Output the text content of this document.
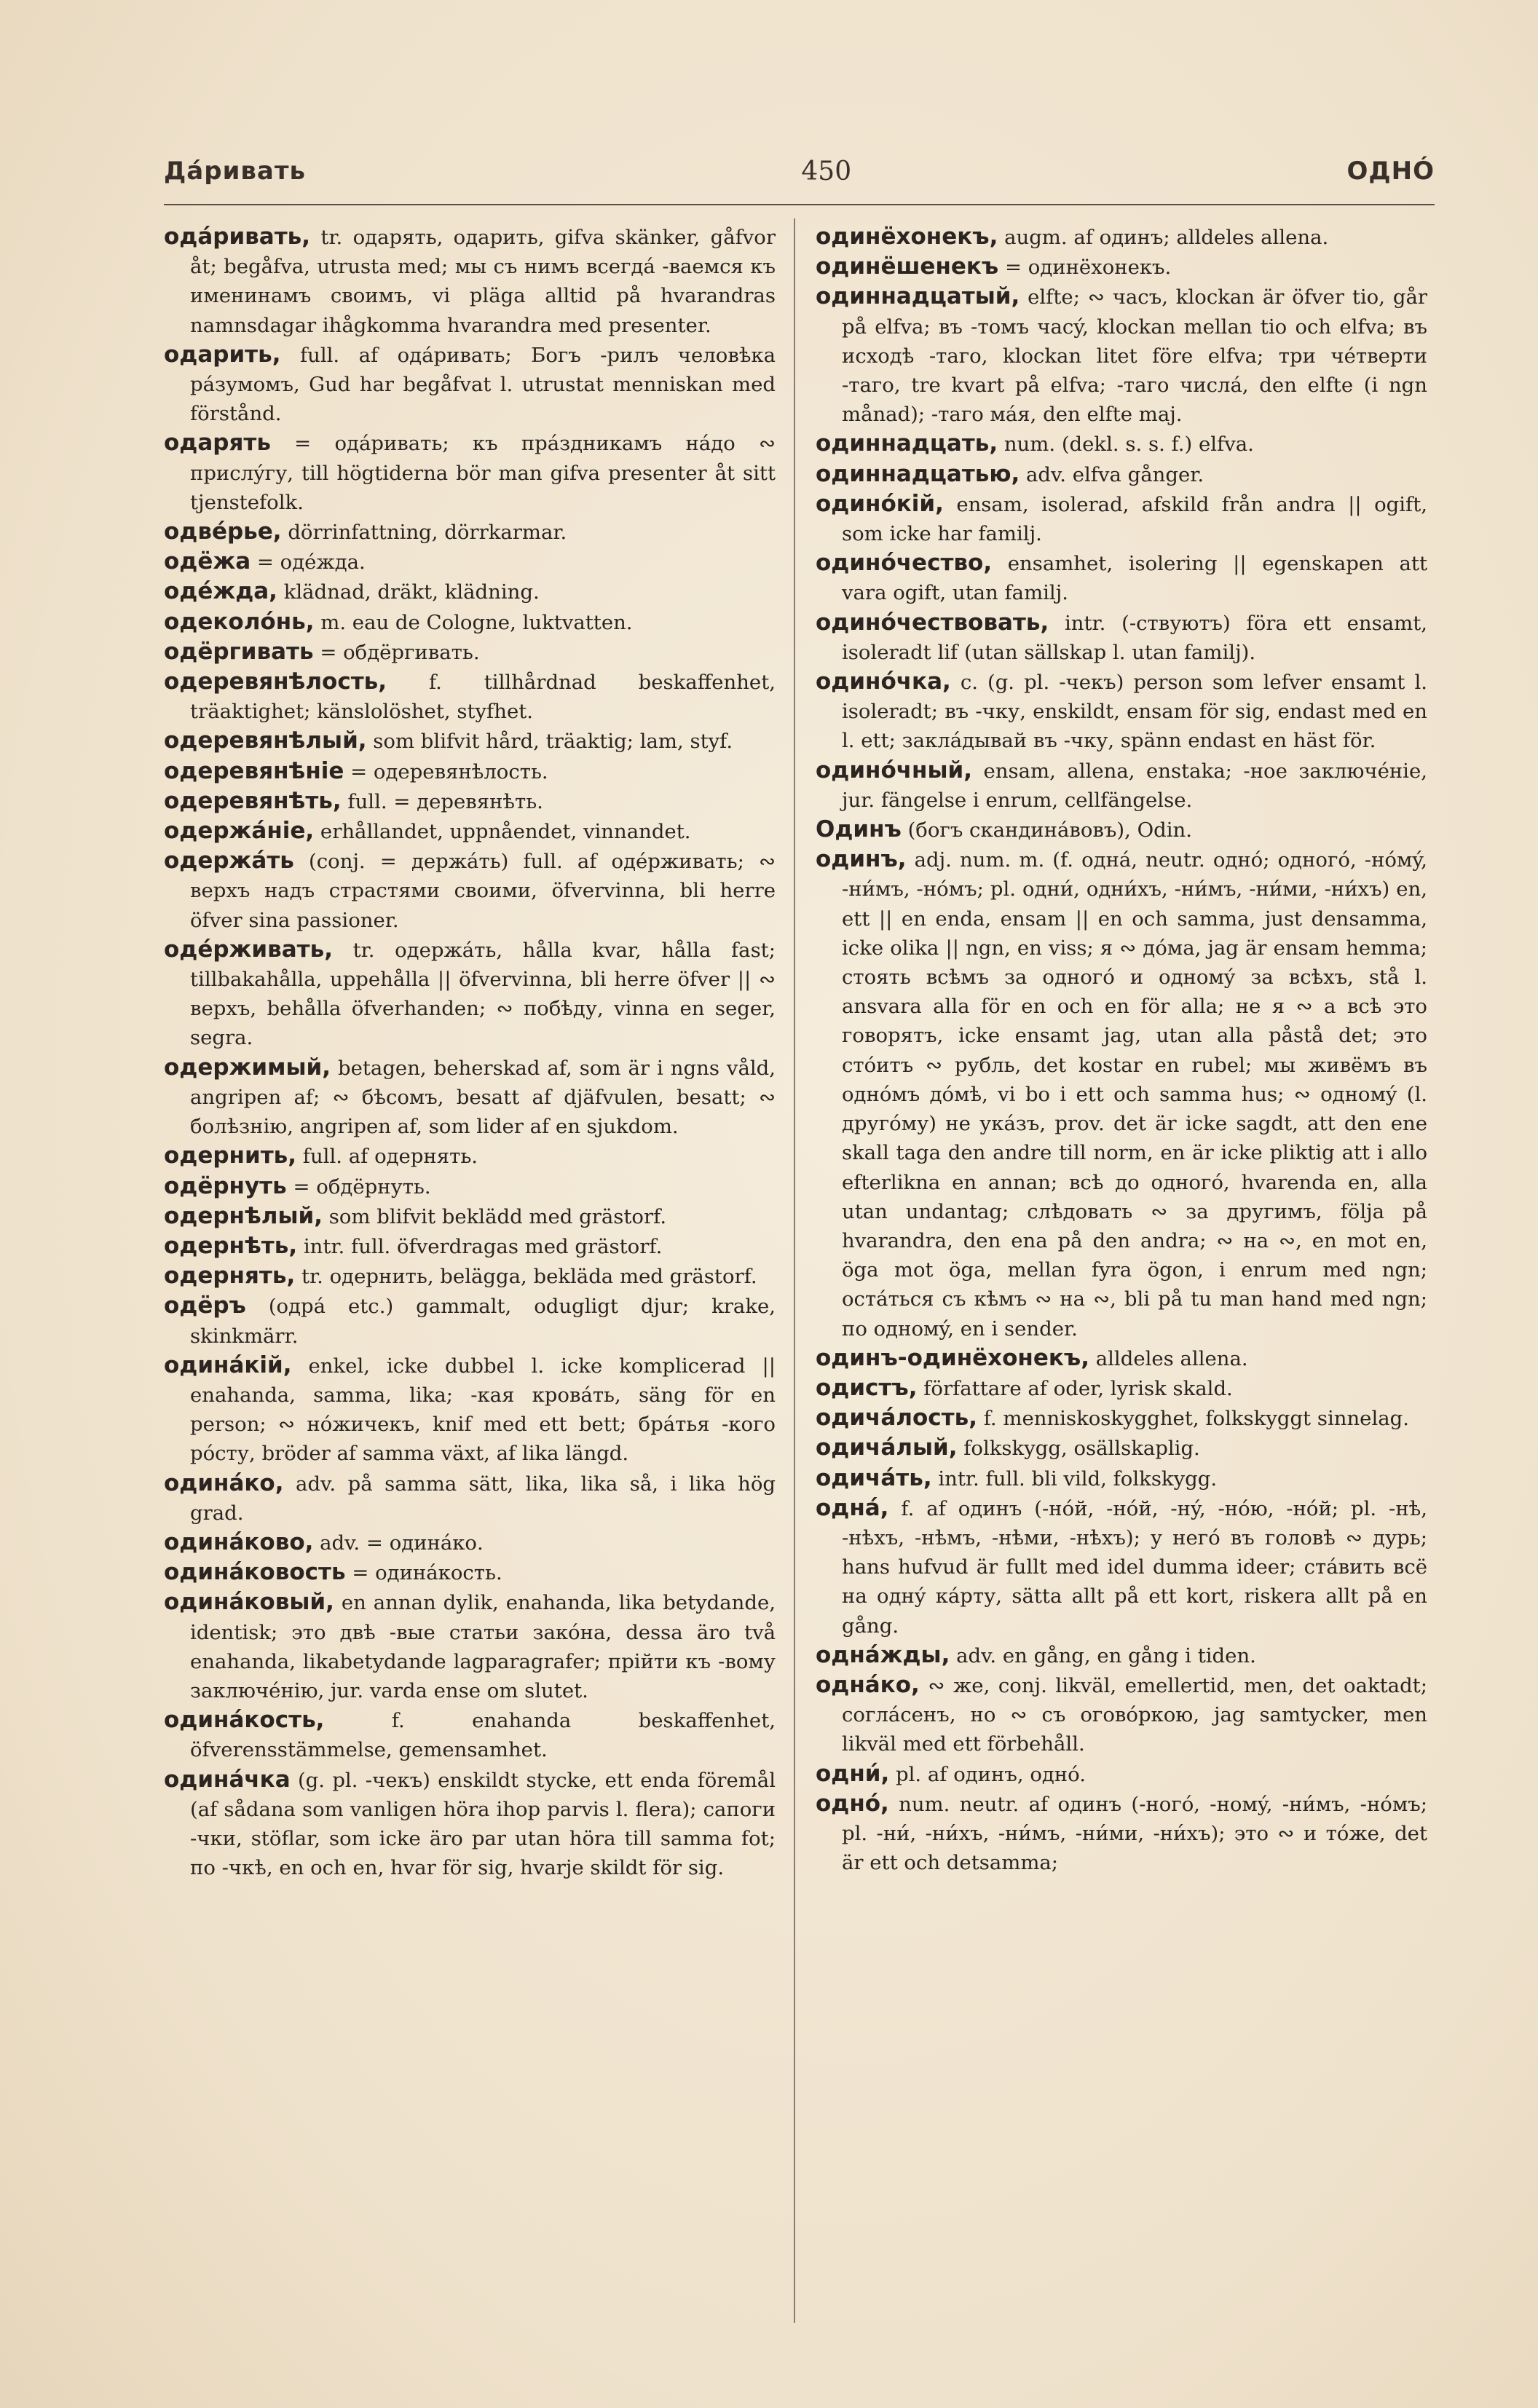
Дáривать	450	ОДНÓ

одáривать, tr. одарять, одарить, gifva skänker, gåfvor åt; begåfva, utrusta med; мы съ нимъ всегдá -ваемся къ именинамъ своимъ, vi pläga alltid på hvarandras namnsdagar ihågkomma hvarandra med presenter.

одарить, full. af одáривать; Богъ -рилъ человѣка рáзумомъ, Gud har begåfvat l. utrustat menniskan med förstånd.

одарять = одáривать; къ прáздникамъ нáдо ∾ прислýгу, till högtiderna bör man gifva presenter åt sitt tjenstefolk.

одвéрье, dörrinfattning, dörrkarmar.

одёжа = одéжда.

одéжда, klädnad, dräkt, klädning.

одеколóнь, m. eau de Cologne, luktvatten.

одёргивать = обдёргивать.

одеревянѣлость, f. tillhårdnad beskaffenhet, träaktighet; känslolöshet, styfhet.

одеревянѣлый, som blifvit hård, träaktig; lam, styf.

одеревянѣніе = одеревянѣлость.

одеревянѣть, full. = деревянѣть.

одержáніе, erhållandet, uppnåendet, vinnandet.

одержáть (conj. = держáть) full. af одéрживать; ∾ верхъ надъ страстями своими, öfvervinna, bli herre öfver sina passioner.

одéрживать, tr. одержáть, hålla kvar, hålla fast; tillbakahålla, uppehålla || öfvervinna, bli herre öfver || ∾ верхъ, behålla öfverhanden; ∾ побѣду, vinna en seger, segra.

одержимый, betagen, beherskad af, som är i ngns våld, angripen af; ∾ бѣсомъ, besatt af djäfvulen, besatt; ∾ болѣзнію, angripen af, som lider af en sjukdom.

одернить, full. af одернять.

одёрнуть = обдёрнуть.

одернѣлый, som blifvit beklädd med grästorf.

одернѣть, intr. full. öfverdragas med grästorf.

одернять, tr. одернить, belägga, bekläda med grästorf.

одёръ (одрá etc.) gammalt, odugligt djur; krake, skinkmärr.

одинáкій, enkel, icke dubbel l. icke komplicerad || enahanda, samma, lika; -кая кровáть, säng för en person; ∾ нóжичекъ, knif med ett bett; брáтья -кого рóсту, bröder af samma växt, af lika längd.

одинáко, adv. på samma sätt, lika, lika så, i lika hög grad.

одинáково, adv. = одинáко.

одинáковость = одинáкость.

одинáковый, en annan dylik, enahanda, lika betydande, identisk; это двѣ -вые статьи закóна, dessa äro två enahanda, likabetydande lagparagrafer; прійти къ -вому заключéнію, jur. varda ense om slutet.

одинáкость, f. enahanda beskaffenhet, öfverensstämmelse, gemensamhet.

одинáчка (g. pl. -чекъ) enskildt stycke, ett enda föremål (af sådana som vanligen höra ihop parvis l. flera); сапоги -чки, stöflar, som icke äro par utan höra till samma fot; по -чкѣ, en och en, hvar för sig, hvarje skildt för sig.

одинёхонекъ, augm. af одинъ; alldeles allena.

одинёшенекъ = одинёхонекъ.

одиннадцатый, elfte; ∾ часъ, klockan är öfver tio, går på elfva; въ -томъ часý, klockan mellan tio och elfva; въ исходѣ -таго, klockan litet före elfva; три чéтверти -таго, tre kvart på elfva; -таго числá, den elfte (i ngn månad); -таго мáя, den elfte maj.

одиннадцать, num. (dekl. s. s. f.) elfva.

одиннадцатью, adv. elfva gånger.

одинóкій, ensam, isolerad, afskild från andra || ogift, som icke har familj.

одинóчество, ensamhet, isolering || egenskapen att vara ogift, utan familj.

одинóчествовать, intr. (-ствуютъ) föra ett ensamt, isoleradt lif (utan sällskap l. utan familj).

одинóчка, c. (g. pl. -чекъ) person som lefver ensamt l. isoleradt; въ -чку, enskildt, ensam för sig, endast med en l. ett; заклáдывай въ -чку, spänn endast en häst för.

одинóчный, ensam, allena, enstaka; -ное заключéніе, jur. fängelse i enrum, cellfängelse.

Одинъ (богъ скандинáвовъ), Odin.

одинъ, adj. num. m. (f. однá, neutr. однó; одногó, -нóмý, -ни́мъ, -нóмъ; pl. одни́, одни́хъ, -ни́мъ, -ни́ми, -ни́хъ) en, ett || en enda, ensam || en och samma, just densamma, icke olika || ngn, en viss; я ∾ дóма, jag är ensam hemma; стоять всѣмъ за одногó и одномý за всѣхъ, stå l. ansvara alla för en och en för alla; не я ∾ а всѣ это говорятъ, icke ensamt jag, utan alla påstå det; это стóитъ ∾ рубль, det kostar en rubel; мы живёмъ въ однóмъ дóмѣ, vi bo i ett och samma hus; ∾ одномý (l. другóму) не укáзъ, prov. det är icke sagdt, att den ene skall taga den andre till norm, en är icke pliktig att i allo efterlikna en annan; всѣ до одногó, hvarenda en, alla utan undantag; слѣдовать ∾ за другимъ, följa på hvarandra, den ena på den andra; ∾ на ∾, en mot en, öga mot öga, mellan fyra ögon, i enrum med ngn; остáться съ кѣмъ ∾ на ∾, bli på tu man hand med ngn; по одномý, en i sender.

одинъ-одинёхонекъ, alldeles allena.

одистъ, författare af oder, lyrisk skald.

одичáлость, f. menniskoskygghet, folkskyggt sinnelag.

одичáлый, folkskygg, osällskaplig.

одичáть, intr. full. bli vild, folkskygg.

однá, f. af одинъ (-нóй, -нóй, -нý, -нóю, -нóй; pl. -нѣ, -нѣхъ, -нѣмъ, -нѣми, -нѣхъ); у негó въ головѣ ∾ дурь; hans hufvud är fullt med idel dumma ideer; стáвить всё на однý кáрту, sätta allt på ett kort, riskera allt på en gång.

однáжды, adv. en gång, en gång i tiden.

однáко, ∾ же, conj. likväl, emellertid, men, det oaktadt; соглáсенъ, но ∾ съ оговóркою, jag samtycker, men likväl med ett förbehåll.

одни́, pl. af одинъ, однó.

однó, num. neutr. af одинъ (-ногó, -номý, -ни́мъ, -нóмъ; pl. -ни́, -ни́хъ, -ни́мъ, -ни́ми, -ни́хъ); это ∾ и тóже, det är ett och detsamma;
